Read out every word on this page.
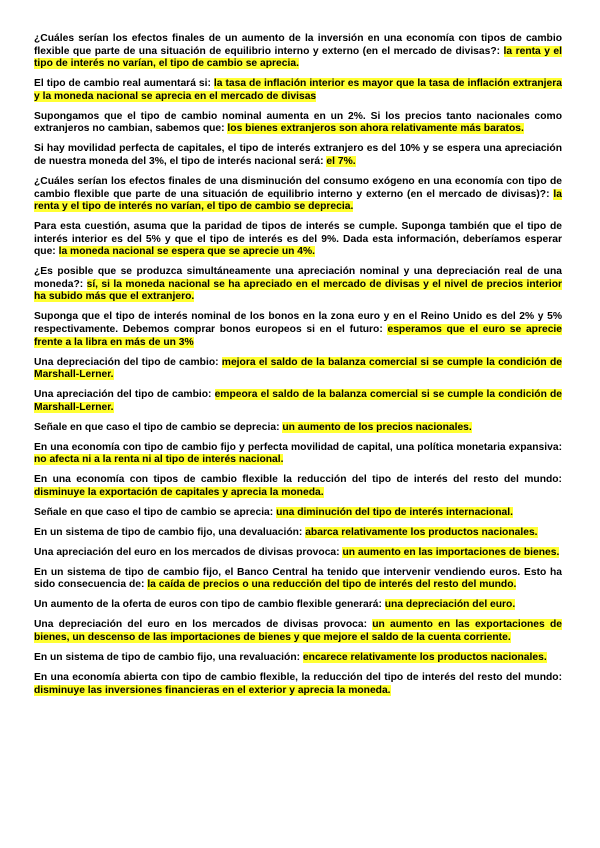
¿Cuáles serían los efectos finales de un aumento de la inversión en una economía con tipos de cambio flexible que parte de una situación de equilibrio interno y externo (en el mercado de divisas?: la renta y el tipo de interés no varían, el tipo de cambio se aprecia.

El tipo de cambio real aumentará si: la tasa de inflación interior es mayor que la tasa de inflación extranjera y la moneda nacional se aprecia en el mercado de divisas

Supongamos que el tipo de cambio nominal aumenta en un 2%. Si los precios tanto nacionales como extranjeros no cambian, sabemos que: los bienes extranjeros son ahora relativamente más baratos.

Si hay movilidad perfecta de capitales, el tipo de interés extranjero es del 10% y se espera una apreciación de nuestra moneda del 3%, el tipo de interés nacional será: el 7%.

¿Cuáles serían los efectos finales de una disminución del consumo exógeno en una economía con tipo de cambio flexible que parte de una situación de equilibrio interno y externo (en el mercado de divisas)?: la renta y el tipo de interés no varían, el tipo de cambio se deprecia.

Para esta cuestión, asuma que la paridad de tipos de interés se cumple. Suponga también que el tipo de interés interior es del 5% y que el tipo de interés es del 9%. Dada esta información, deberíamos esperar que: la moneda nacional se espera que se aprecie un 4%.

¿Es posible que se produzca simultáneamente una apreciación nominal y una depreciación real de una moneda?: sí, si la moneda nacional se ha apreciado en el mercado de divisas y el nivel de precios interior ha subido más que el extranjero.

Suponga que el tipo de interés nominal de los bonos en la zona euro y en el Reino Unido es del 2% y 5% respectivamente. Debemos comprar bonos europeos si en el futuro: esperamos que el euro se aprecie frente a la libra en más de un 3%

Una depreciación del tipo de cambio: mejora el saldo de la balanza comercial si se cumple la condición de Marshall-Lerner.

Una apreciación del tipo de cambio: empeora el saldo de la balanza comercial si se cumple la condición de Marshall-Lerner.

Señale en que caso el tipo de cambio se deprecia: un aumento de los precios nacionales.

En una economía con tipo de cambio fijo y perfecta movilidad de capital, una política monetaria expansiva: no afecta ni a la renta ni al tipo de interés nacional.

En una economía con tipos de cambio flexible la reducción del tipo de interés del resto del mundo: disminuye la exportación de capitales y aprecia la moneda.

Señale en que caso el tipo de cambio se aprecia: una diminución del tipo de interés internacional.

En un sistema de tipo de cambio fijo, una devaluación: abarca relativamente los productos nacionales.

Una apreciación del euro en los mercados de divisas provoca: un aumento en las importaciones de bienes.

En un sistema de tipo de cambio fijo, el Banco Central ha tenido que intervenir vendiendo euros. Esto ha sido consecuencia de: la caída de precios o una reducción del tipo de interés del resto del mundo.

Un aumento de la oferta de euros con tipo de cambio flexible generará: una depreciación del euro.

Una depreciación del euro en los mercados de divisas provoca: un aumento en las exportaciones de bienes, un descenso de las importaciones de bienes y que mejore el saldo de la cuenta corriente.

En un sistema de tipo de cambio fijo, una revaluación: encarece relativamente los productos nacionales.

En una economía abierta con tipo de cambio flexible, la reducción del tipo de interés del resto del mundo: disminuye las inversiones financieras en el exterior y aprecia la moneda.
